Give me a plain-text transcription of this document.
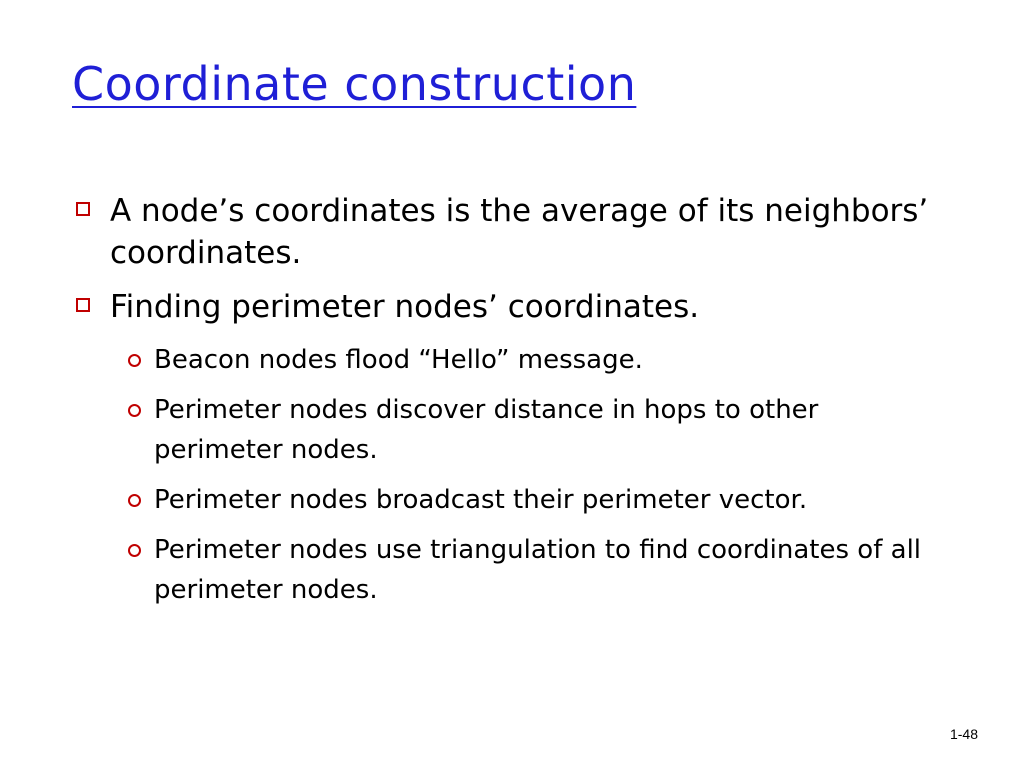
Coordinate construction
A node’s coordinates is the average of its neighbors’ coordinates.
Finding perimeter nodes’ coordinates.
Beacon nodes flood “Hello” message.
Perimeter nodes discover distance in hops to other perimeter nodes.
Perimeter nodes broadcast their perimeter vector.
Perimeter nodes use triangulation to find coordinates of all perimeter nodes.
1-48
